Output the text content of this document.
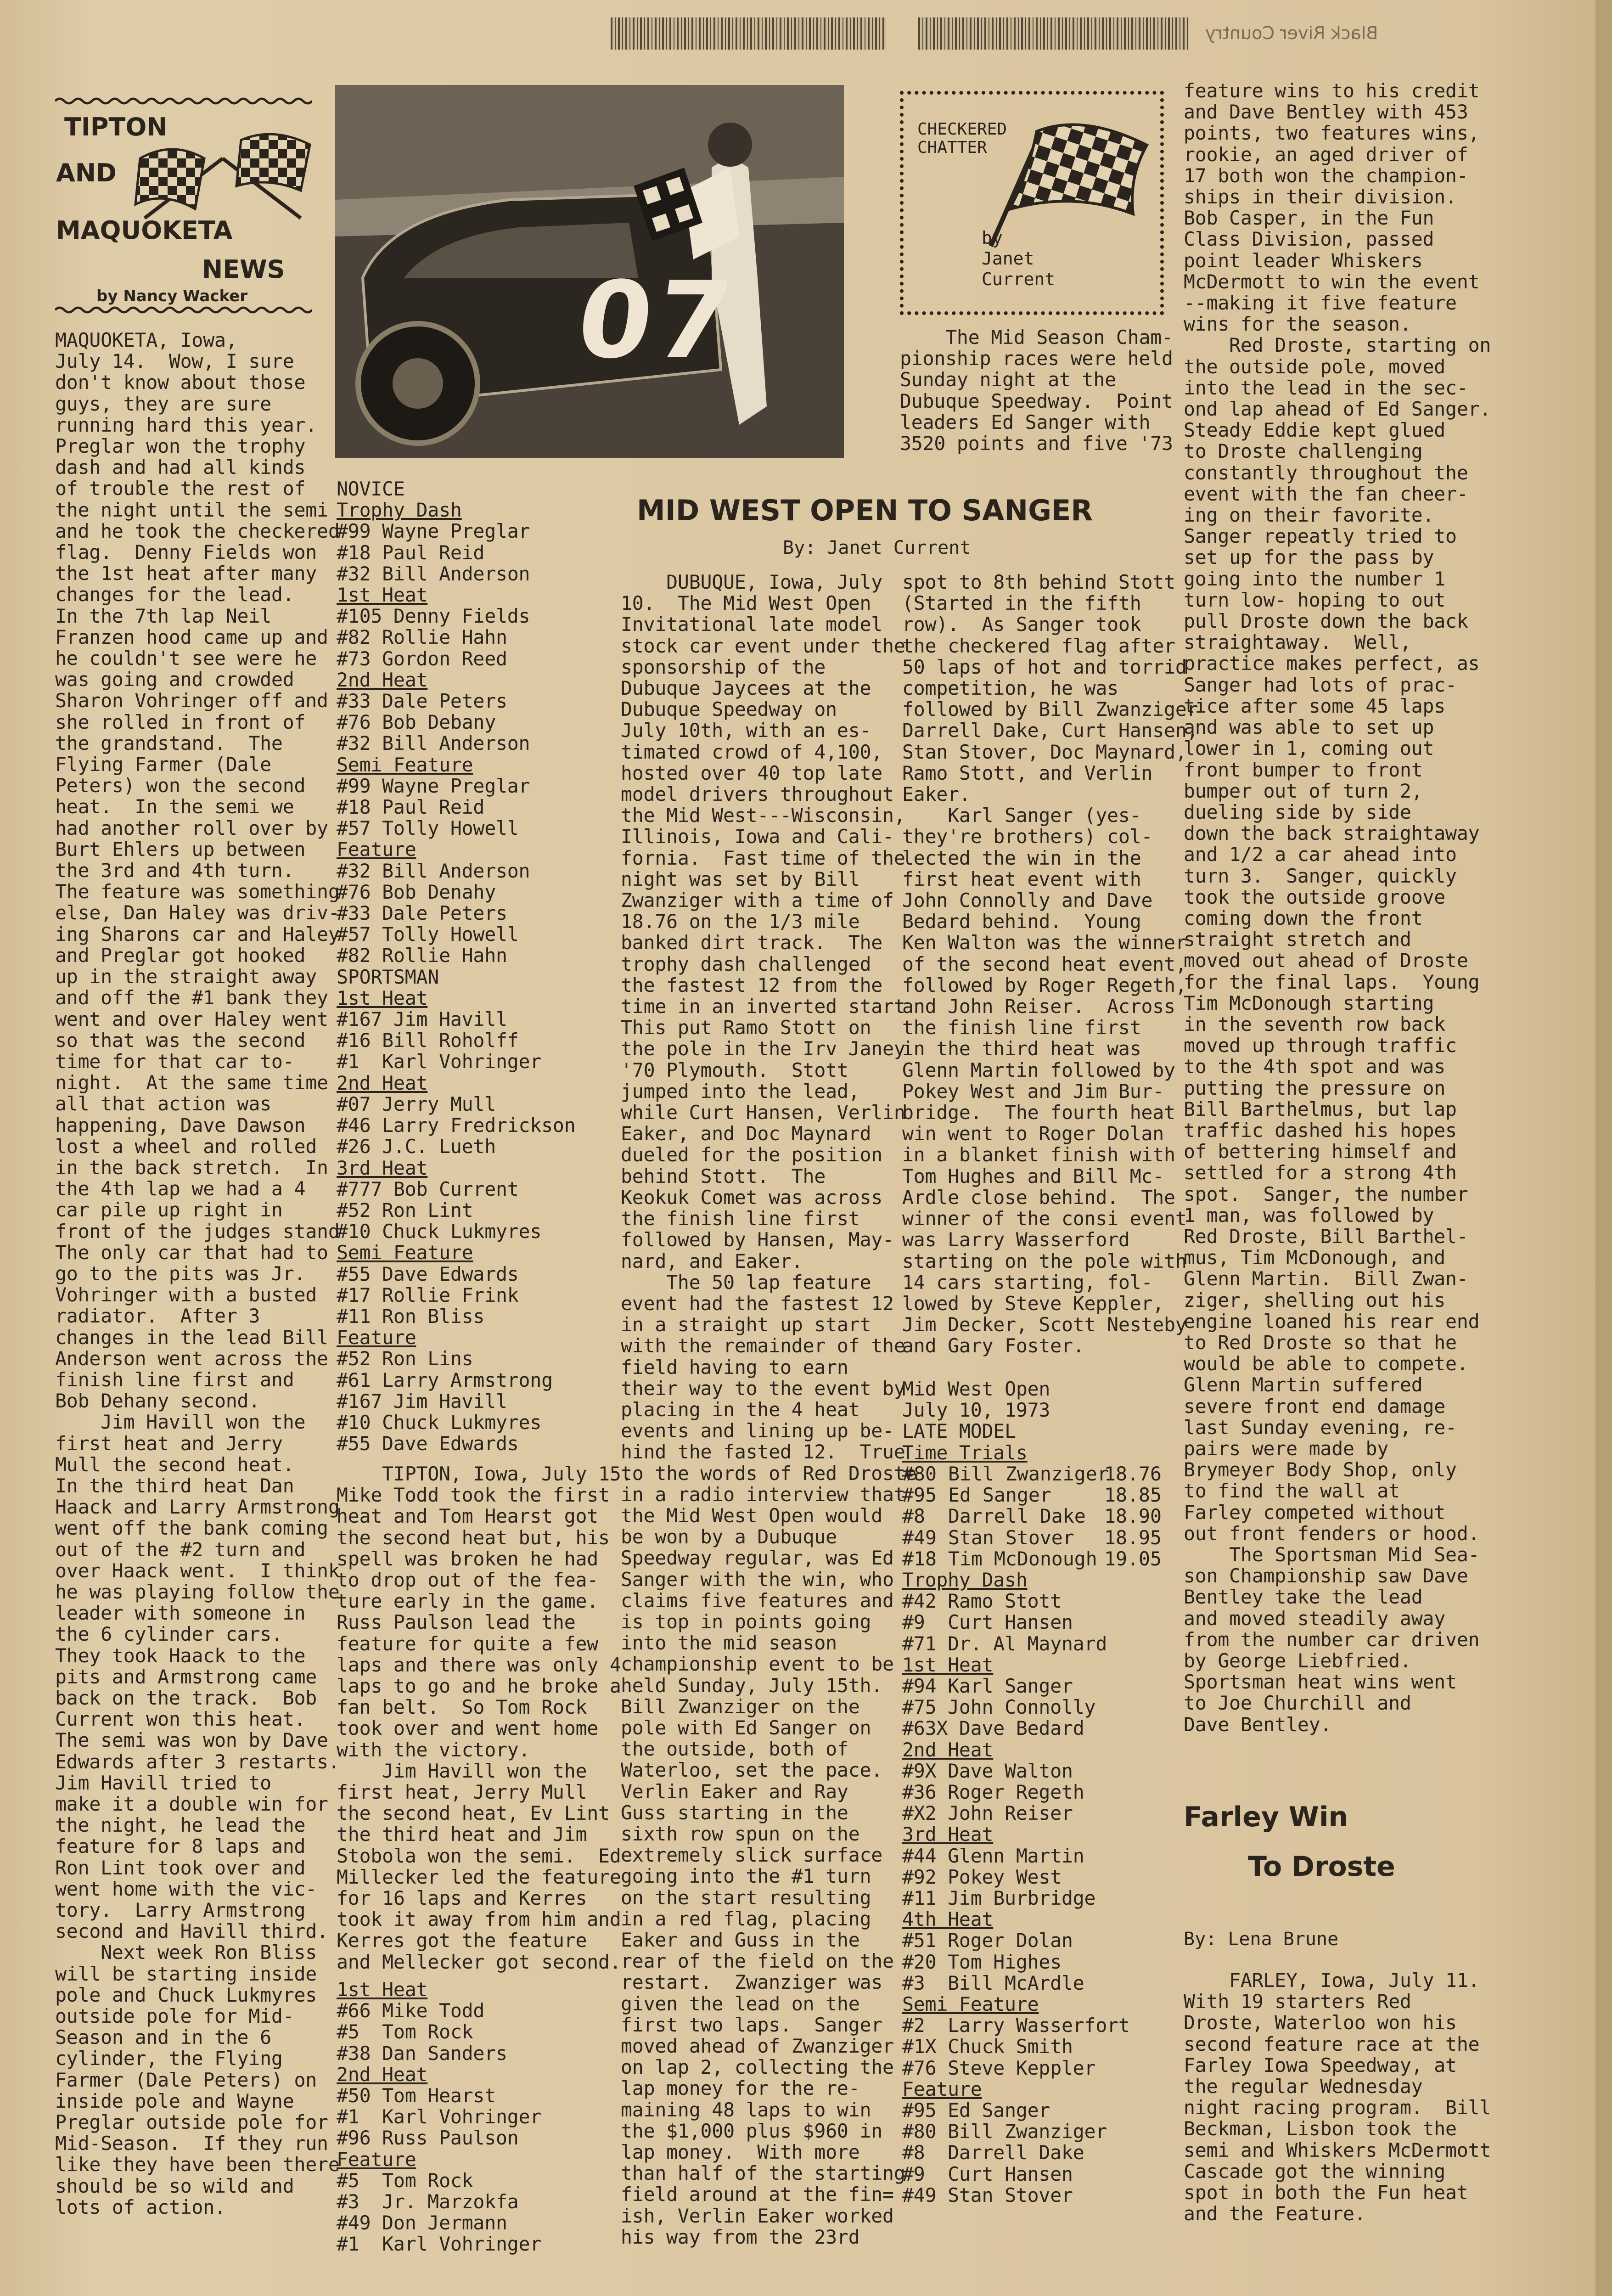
Black River Country
TIPTON
AND
MAQUOKETA
NEWS
by Nancy Wacker
MAQUOKETA, Iowa,
July 14.  Wow, I sure
don't know about those
guys, they are sure
running hard this year.
Preglar won the trophy
dash and had all kinds
of trouble the rest of
the night until the semi
and he took the checkered
flag.  Denny Fields won
the 1st heat after many
changes for the lead.
In the 7th lap Neil
Franzen hood came up and
he couldn't see were he
was going and crowded
Sharon Vohringer off and
she rolled in front of
the grandstand.  The
Flying Farmer (Dale
Peters) won the second
heat.  In the semi we
had another roll over by
Burt Ehlers up between
the 3rd and 4th turn.
The feature was something
else, Dan Haley was driv-
ing Sharons car and Haley
and Preglar got hooked
up in the straight away
and off the #1 bank they
went and over Haley went
so that was the second
time for that car to-
night.  At the same time
all that action was
happening, Dave Dawson
lost a wheel and rolled
in the back stretch.  In
the 4th lap we had a 4
car pile up right in
front of the judges stand
The only car that had to
go to the pits was Jr.
Vohringer with a busted
radiator.  After 3
changes in the lead Bill
Anderson went across the
finish line first and
Bob Dehany second.
Jim Havill won the
first heat and Jerry
Mull the second heat.
In the third heat Dan
Haack and Larry Armstrong
went off the bank coming
out of the #2 turn and
over Haack went.  I think
he was playing follow the
leader with someone in
the 6 cylinder cars.
They took Haack to the
pits and Armstrong came
back on the track.  Bob
Current won this heat.
The semi was won by Dave
Edwards after 3 restarts.
Jim Havill tried to
make it a double win for
the night, he lead the
feature for 8 laps and
Ron Lint took over and
went home with the vic-
tory.  Larry Armstrong
second and Havill third.
Next week Ron Bliss
will be starting inside
pole and Chuck Lukmyres
outside pole for Mid-
Season and in the 6
cylinder, the Flying
Farmer (Dale Peters) on
inside pole and Wayne
Preglar outside pole for
Mid-Season.  If they run
like they have been there
should be so wild and
lots of action.
07
CHECKERED
CHATTER
by
Janet
Current
The Mid Season Cham-
pionship races were held
Sunday night at the
Dubuque Speedway.  Point
leaders Ed Sanger with
3520 points and five '73
NOVICE
Trophy Dash
#99 Wayne Preglar
#18 Paul Reid
#32 Bill Anderson
1st Heat
#105 Denny Fields
#82 Rollie Hahn
#73 Gordon Reed
2nd Heat
#33 Dale Peters
#76 Bob Debany
#32 Bill Anderson
Semi Feature
#99 Wayne Preglar
#18 Paul Reid
#57 Tolly Howell
Feature
#32 Bill Anderson
#76 Bob Denahy
#33 Dale Peters
#57 Tolly Howell
#82 Rollie Hahn
SPORTSMAN
1st Heat
#167 Jim Havill
#16 Bill Roholff
#1  Karl Vohringer
2nd Heat
#07 Jerry Mull
#46 Larry Fredrickson
#26 J.C. Lueth
3rd Heat
#777 Bob Current
#52 Ron Lint
#10 Chuck Lukmyres
Semi Feature
#55 Dave Edwards
#17 Rollie Frink
#11 Ron Bliss
Feature
#52 Ron Lins
#61 Larry Armstrong
#167 Jim Havill
#10 Chuck Lukmyres
#55 Dave Edwards
TIPTON, Iowa, July 15.
Mike Todd took the first
heat and Tom Hearst got
the second heat but, his
spell was broken he had
to drop out of the fea-
ture early in the game.
Russ Paulson lead the
feature for quite a few
laps and there was only 4
laps to go and he broke a
fan belt.  So Tom Rock
took over and went home
with the victory.
Jim Havill won the
first heat, Jerry Mull
the second heat, Ev Lint
the third heat and Jim
Stobola won the semi.  Ed
Millecker led the feature
for 16 laps and Kerres
took it away from him and
Kerres got the feature
and Mellecker got second.
1st Heat
#66 Mike Todd
#5  Tom Rock
#38 Dan Sanders
2nd Heat
#50 Tom Hearst
#1  Karl Vohringer
#96 Russ Paulson
Feature
#5  Tom Rock
#3  Jr. Marzokfa
#49 Don Jermann
#1  Karl Vohringer
MID WEST OPEN TO SANGER
By: Janet Current
DUBUQUE, Iowa, July
10.  The Mid West Open
Invitational late model
stock car event under the
sponsorship of the
Dubuque Jaycees at the
Dubuque Speedway on
July 10th, with an es-
timated crowd of 4,100,
hosted over 40 top late
model drivers throughout
the Mid West---Wisconsin,
Illinois, Iowa and Cali-
fornia.  Fast time of the
night was set by Bill
Zwanziger with a time of
18.76 on the 1/3 mile
banked dirt track.  The
trophy dash challenged
the fastest 12 from the
time in an inverted start
This put Ramo Stott on
the pole in the Irv Janey
'70 Plymouth.  Stott
jumped into the lead,
while Curt Hansen, Verlin
Eaker, and Doc Maynard
dueled for the position
behind Stott.  The
Keokuk Comet was across
the finish line first
followed by Hansen, May-
nard, and Eaker.
The 50 lap feature
event had the fastest 12
in a straight up start
with the remainder of the
field having to earn
their way to the event by
placing in the 4 heat
events and lining up be-
hind the fasted 12.  True
to the words of Red Droste
in a radio interview that
the Mid West Open would
be won by a Dubuque
Speedway regular, was Ed
Sanger with the win, who
claims five features and
is top in points going
into the mid season
championship event to be
held Sunday, July 15th.
Bill Zwanziger on the
pole with Ed Sanger on
the outside, both of
Waterloo, set the pace.
Verlin Eaker and Ray
Guss starting in the
sixth row spun on the
extremely slick surface
going into the #1 turn
on the start resulting
in a red flag, placing
Eaker and Guss in the
rear of the field on the
restart.  Zwanziger was
given the lead on the
first two laps.  Sanger
moved ahead of Zwanziger
on lap 2, collecting the
lap money for the re-
maining 48 laps to win
the $1,000 plus $960 in
lap money.  With more
than half of the starting
field around at the fin=
ish, Verlin Eaker worked
his way from the 23rd
spot to 8th behind Stott
(Started in the fifth
row).  As Sanger took
the checkered flag after
50 laps of hot and torrid
competition, he was
followed by Bill Zwanziger
Darrell Dake, Curt Hansen,
Stan Stover, Doc Maynard,
Ramo Stott, and Verlin
Eaker.
Karl Sanger (yes-
they're brothers) col-
lected the win in the
first heat event with
John Connolly and Dave
Bedard behind.  Young
Ken Walton was the winner
of the second heat event,
followed by Roger Regeth,
and John Reiser.  Across
the finish line first
in the third heat was
Glenn Martin followed by
Pokey West and Jim Bur-
bridge.  The fourth heat
win went to Roger Dolan
in a blanket finish with
Tom Hughes and Bill Mc-
Ardle close behind.  The
winner of the consi event
was Larry Wasserford
starting on the pole with
14 cars starting, fol-
lowed by Steve Keppler,
Jim Decker, Scott Nesteby
and Gary Foster.
Mid West Open
July 10, 1973
LATE MODEL
Time Trials
#80 Bill Zwanziger
18.76
#95 Ed Sanger	18.85
#8  Darrell Dake 18.90
#49 Stan Stover	18.95
#18 Tim McDonough 19.05
Trophy Dash
#42 Ramo Stott
#9  Curt Hansen
#71 Dr. Al Maynard
1st Heat
#94 Karl Sanger
#75 John Connolly
#63X Dave Bedard
2nd Heat
#9X Dave Walton
#36 Roger Regeth
#X2 John Reiser
3rd Heat
#44 Glenn Martin
#92 Pokey West
#11 Jim Burbridge
4th Heat
#51 Roger Dolan
#20 Tom Highes
#3  Bill McArdle
Semi Feature
#2  Larry Wasserfort
#1X Chuck Smith
#76 Steve Keppler
Feature
#95 Ed Sanger
#80 Bill Zwanziger
#8  Darrell Dake
#9  Curt Hansen
#49 Stan Stover
feature wins to his credit
and Dave Bentley with 453
points, two features wins,
rookie, an aged driver of
17 both won the champion-
ships in their division.
Bob Casper, in the Fun
Class Division, passed
point leader Whiskers
McDermott to win the event
--making it five feature
wins for the season.
Red Droste, starting on
the outside pole, moved
into the lead in the sec-
ond lap ahead of Ed Sanger.
Steady Eddie kept glued
to Droste challenging
constantly throughout the
event with the fan cheer-
ing on their favorite.
Sanger repeatly tried to
set up for the pass by
going into the number 1
turn low- hoping to out
pull Droste down the back
straightaway.  Well,
practice makes perfect, as
Sanger had lots of prac-
tice after some 45 laps
and was able to set up
lower in 1, coming out
front bumper to front
bumper out of turn 2,
dueling side by side
down the back straightaway
and 1/2 a car ahead into
turn 3.  Sanger, quickly
took the outside groove
coming down the front
straight stretch and
moved out ahead of Droste
for the final laps.  Young
Tim McDonough starting
in the seventh row back
moved up through traffic
to the 4th spot and was
putting the pressure on
Bill Barthelmus, but lap
traffic dashed his hopes
of bettering himself and
settled for a strong 4th
spot.  Sanger, the number
1 man, was followed by
Red Droste, Bill Barthel-
mus, Tim McDonough, and
Glenn Martin.  Bill Zwan-
ziger, shelling out his
engine loaned his rear end
to Red Droste so that he
would be able to compete.
Glenn Martin suffered
severe front end damage
last Sunday evening, re-
pairs were made by
Brymeyer Body Shop, only
to find the wall at
Farley competed without
out front fenders or hood.
The Sportsman Mid Sea-
son Championship saw Dave
Bentley take the lead
and moved steadily away
from the number car driven
by George Liebfried.
Sportsman heat wins went
to Joe Churchill and
Dave Bentley.
Farley Win
To Droste
By: Lena Brune
FARLEY, Iowa, July 11.
With 19 starters Red
Droste, Waterloo won his
second feature race at the
Farley Iowa Speedway, at
the regular Wednesday
night racing program.  Bill
Beckman, Lisbon took the
semi and Whiskers McDermott
Cascade got the winning
spot in both the Fun heat
and the Feature.
